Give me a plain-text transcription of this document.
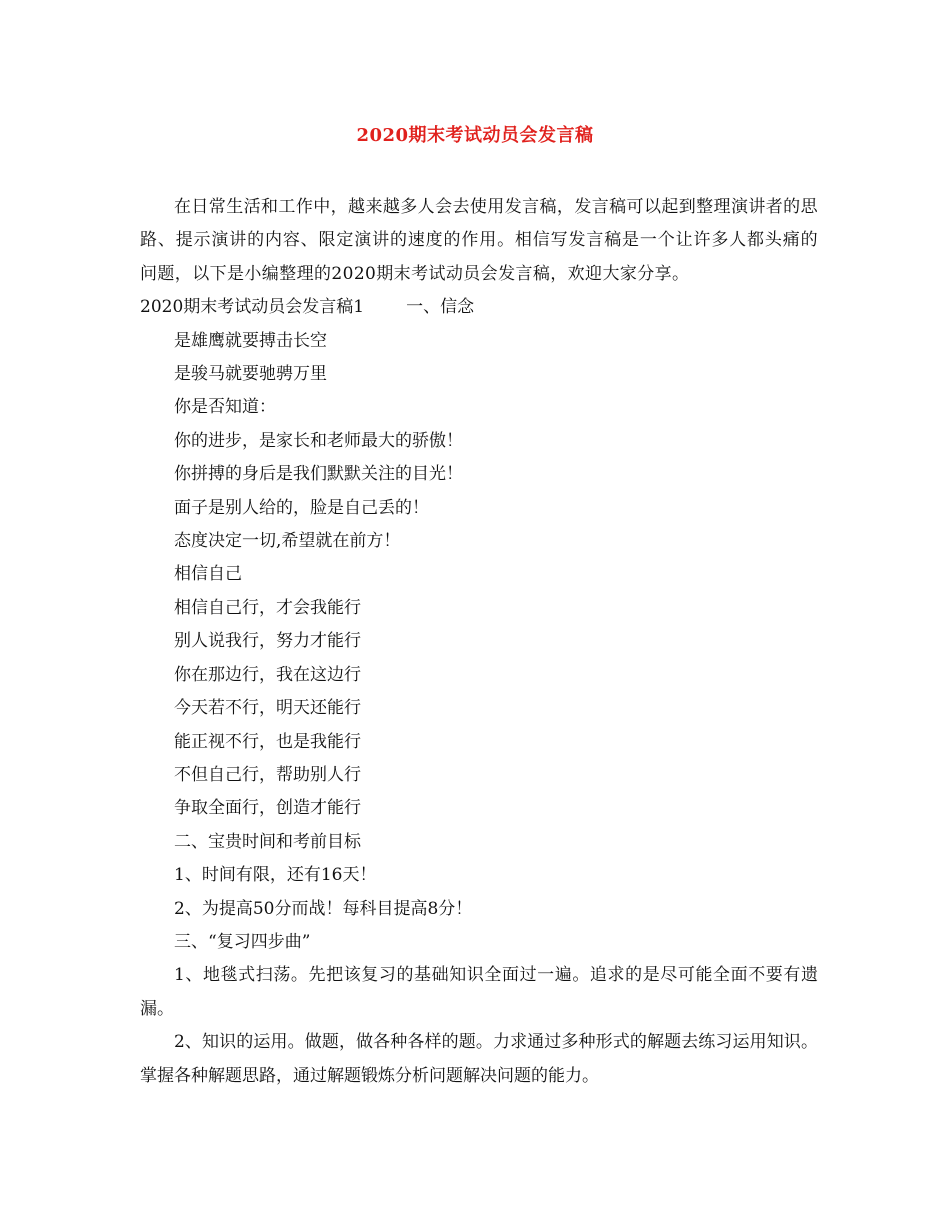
2020期末考试动员会发言稿

在日常生活和工作中，越来越多人会去使用发言稿，发言稿可以起到整理演讲者的思路、提示演讲的内容、限定演讲的速度的作用。相信写发言稿是一个让许多人都头痛的问题，以下是小编整理的2020期末考试动员会发言稿，欢迎大家分享。

2020期末考试动员会发言稿1 一、信念

是雄鹰就要搏击长空

是骏马就要驰骋万里

你是否知道：

你的进步，是家长和老师最大的骄傲！

你拼搏的身后是我们默默关注的目光！

面子是别人给的，脸是自己丢的！

态度决定一切,希望就在前方！

相信自己

相信自己行，才会我能行

别人说我行，努力才能行

你在那边行，我在这边行

今天若不行，明天还能行

能正视不行，也是我能行

不但自己行，帮助别人行

争取全面行，创造才能行

二、宝贵时间和考前目标

1、时间有限，还有16天！

2、为提高50分而战！每科目提高8分！

三、“复习四步曲”

1、地毯式扫荡。先把该复习的基础知识全面过一遍。追求的是尽可能全面不要有遗漏。

2、知识的运用。做题，做各种各样的题。力求通过多种形式的解题去练习运用知识。掌握各种解题思路，通过解题锻炼分析问题解决问题的能力。
